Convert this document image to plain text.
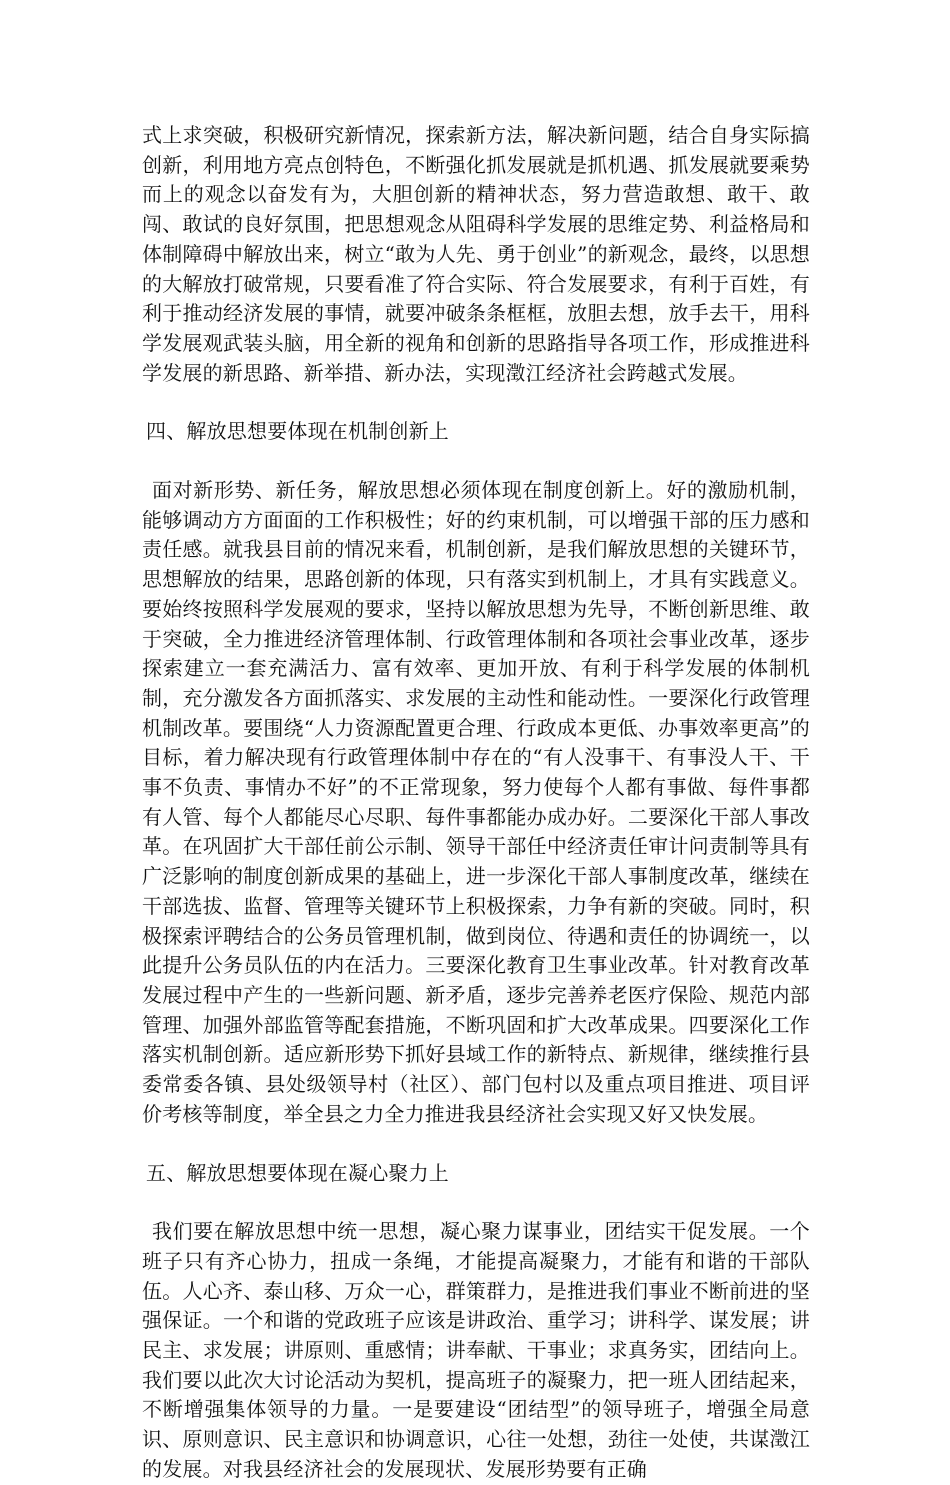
式上求突破，积极研究新情况，探索新方法，解决新问题，结合自身实际搞创新，利用地方亮点创特色，不断强化抓发展就是抓机遇、抓发展就要乘势而上的观念以奋发有为，大胆创新的精神状态，努力营造敢想、敢干、敢闯、敢试的良好氛围，把思想观念从阻碍科学发展的思维定势、利益格局和体制障碍中解放出来，树立“敢为人先、勇于创业”的新观念，最终，以思想的大解放打破常规，只要看准了符合实际、符合发展要求，有利于百姓，有利于推动经济发展的事情，就要冲破条条框框，放胆去想，放手去干，用科学发展观武装头脑，用全新的视角和创新的思路指导各项工作，形成推进科学发展的新思路、新举措、新办法，实现澂江经济社会跨越式发展。

四、解放思想要体现在机制创新上

面对新形势、新任务，解放思想必须体现在制度创新上。好的激励机制，能够调动方方面面的工作积极性；好的约束机制，可以增强干部的压力感和责任感。就我县目前的情况来看，机制创新，是我们解放思想的关键环节，思想解放的结果，思路创新的体现，只有落实到机制上，才具有实践意义。要始终按照科学发展观的要求，坚持以解放思想为先导，不断创新思维、敢于突破，全力推进经济管理体制、行政管理体制和各项社会事业改革，逐步探索建立一套充满活力、富有效率、更加开放、有利于科学发展的体制机制，充分激发各方面抓落实、求发展的主动性和能动性。一要深化行政管理机制改革。要围绕“人力资源配置更合理、行政成本更低、办事效率更高”的目标，着力解决现有行政管理体制中存在的“有人没事干、有事没人干、干事不负责、事情办不好”的不正常现象，努力使每个人都有事做、每件事都有人管、每个人都能尽心尽职、每件事都能办成办好。二要深化干部人事改革。在巩固扩大干部任前公示制、领导干部任中经济责任审计问责制等具有广泛影响的制度创新成果的基础上，进一步深化干部人事制度改革，继续在干部选拔、监督、管理等关键环节上积极探索，力争有新的突破。同时，积极探索评聘结合的公务员管理机制，做到岗位、待遇和责任的协调统一，以此提升公务员队伍的内在活力。三要深化教育卫生事业改革。针对教育改革发展过程中产生的一些新问题、新矛盾，逐步完善养老医疗保险、规范内部管理、加强外部监管等配套措施，不断巩固和扩大改革成果。四要深化工作落实机制创新。适应新形势下抓好县域工作的新特点、新规律，继续推行县委常委各镇、县处级领导村（社区）、部门包村以及重点项目推进、项目评价考核等制度，举全县之力全力推进我县经济社会实现又好又快发展。

五、解放思想要体现在凝心聚力上

我们要在解放思想中统一思想，凝心聚力谋事业，团结实干促发展。一个班子只有齐心协力，扭成一条绳，才能提高凝聚力，才能有和谐的干部队伍。人心齐、泰山移、万众一心，群策群力，是推进我们事业不断前进的坚强保证。一个和谐的党政班子应该是讲政治、重学习；讲科学、谋发展；讲民主、求发展；讲原则、重感情；讲奉献、干事业；求真务实，团结向上。我们要以此次大讨论活动为契机，提高班子的凝聚力，把一班人团结起来，不断增强集体领导的力量。一是要建设“团结型”的领导班子，增强全局意识、原则意识、民主意识和协调意识，心往一处想，劲往一处使，共谋澂江的发展。对我县经济社会的发展现状、发展形势要有正确
